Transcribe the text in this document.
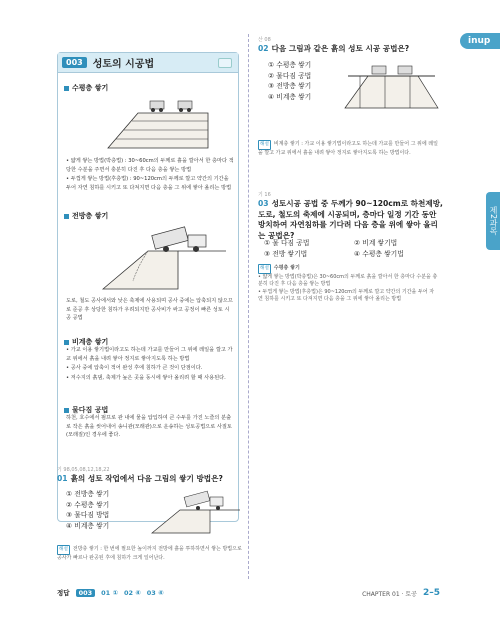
inup
제2과목
003	성토의 시공법
수평층 쌓기

• 얇게 쌓는 방법(박층법) : 30~60cm의 두께로 흙을 깔아서 한 층마다 적당한 수분을 주면서 충분히 다진 후 다음 층을 쌓는 방법

• 두껍게 쌓는 방법(후층법) : 90~120cm의 두께로 깔고 약간의 기간을 두어 자연 침하를 시키고 또 다져지면 다음 층을 그 위에 쌓아 올리는 방법

전방층 쌓기

도로, 철도 공사에서와 낮은 축제에 사용되며 공사 중에는 압축되지 않으므로 준공 후 상당한 침하가 우려되지만 공사비가 싸고 공정이 빠른 성토 시공 공법

비계층 쌓기

• 가교 이용 쌓기법이라고도 하는데 가교를 만들어 그 위에 레일을 깔고 가교 위에서 흙을 내려 쌓아 정지로 쌓아지도록 하는 방법

• 공사 중에 압축이 적어 완성 후에 침하가 큰 것이 단점이다.

• 저수지의 흙댐, 축제가 높은 곳을 동시에 쌓아 올리려 할 때 사용된다.

물다짐 공법

하천, 호수에서 펌프로 관 내에 물을 압입하여 큰 수두를 가진 노즐의 분출로 작은 흙을 씻어내어 송니관(모래관)으로 운송하는 성토공법으로 사질토(모래질)인 경우에 좋다.

기 98,05,08,12,18,22
01 흙의 성토 작업에서 다음 그림의 쌓기 방법은?
① 전방층 쌓기
② 수평층 쌓기
③ 물다짐 방법
④ 비계층 쌓기
해설 전방층 쌓기 : 한 번에 필요한 높이까지 전방에 흙을 투하하면서 쌓는 방법으로 공사가 빠르나 완공된 후에 침하가 크게 일어난다.
산 08
02 다음 그림과 같은 흙의 성토 시공 공법은?
① 수평층 쌓기
② 물다짐 공법
③ 전방층 쌓기
④ 비계층 쌓기
해설 비계층 쌓기 : 가교 이용 쌓기법이라고도 하는데 가교를 만들어 그 위에 레일을 깔고 가교 위에서 흙을 내려 쌓아 정지로 쌓아지도록 하는 방법이다.
기 16
03 성토시공 공법 중 두께가 90~120cm로 하천제방, 도로, 철도의 축제에 시공되며, 층마다 일정 기간 동안 방치하여 자연침하를 기다려 다음 층을 위에 쌓아 올리는 공법은?
① 물 다짐 공법	② 비계 쌓기법
③ 전방 쌓기법	④ 수평층 쌓기법
해설 수평층 쌓기
• 얇게 쌓는 방법(박층법)은 30~60cm의 두께로 흙을 깔아서 한 층마다 수분을 충분히 다진 후 다음 층을 쌓는 방법
• 두껍게 쌓는 방법(후층법)은 90~120cm의 두께로 깔고 약간의 기간을 두어 자연 침하를 시키고 또 다져지면 다음 층을 그 위에 쌓아 올리는 방법
정답	003	01 ① 02 ④ 03 ④	CHAPTER 01 · 토공 2–5
